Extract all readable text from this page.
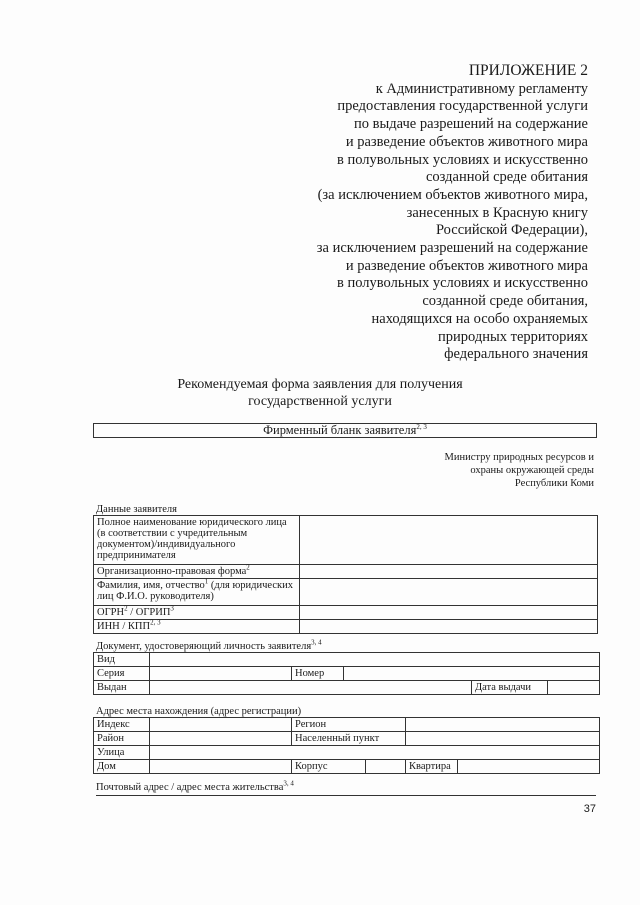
ПРИЛОЖЕНИЕ 2
к Административному регламенту
предоставления государственной услуги
по выдаче разрешений на содержание
и разведение объектов животного мира
в полувольных условиях и искусственно
созданной среде обитания
(за исключением объектов животного мира,
занесенных в Красную книгу
Российской Федерации),
за исключением разрешений на содержание
и разведение объектов животного мира
в полувольных условиях и искусственно
созданной среде обитания,
находящихся на особо охраняемых
природных территориях
федерального значения
Рекомендуемая форма заявления для получения
государственной услуги
Фирменный бланк заявителя$^{2, 3}$
Министру природных ресурсов и
охраны окружающей среды
Республики Коми
Данные заявителя
Полное наименование юридического лица (в соответствии с учредительным документом)/индивидуального предпринимателя	
Организационно-правовая форма$^2$	
Фамилия, имя, отчество$^1$ (для юридических лиц Ф.И.О. руководителя)	
ОГРН$^2$ / ОГРИП$^3$	
ИНН / КПП$^{2, 3}$	
Документ, удостоверяющий личность заявителя$^{3, 4}$
Вид					
Серия		Номер			
Выдан				Дата выдачи	
Адрес места нахождения (адрес регистрации)
Индекс		Регион			
Район		Населенный пункт			
Улица					
Дом		Корпус		Квартира	
Почтовый адрес / адрес места жительства$^{3, 4}$
37
